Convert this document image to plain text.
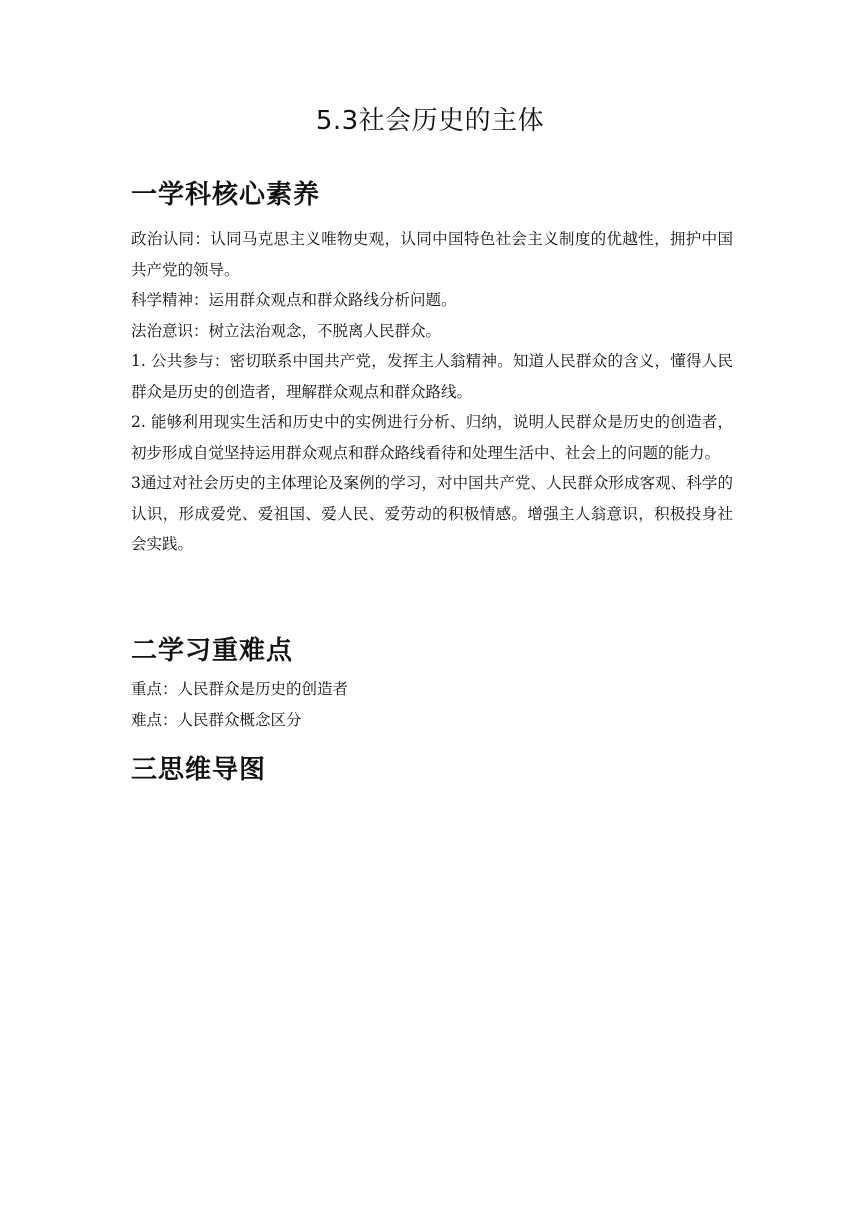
5.3社会历史的主体
一学科核心素养

政治认同：认同马克思主义唯物史观，认同中国特色社会主义制度的优越性，拥护中国共产党的领导。

科学精神：运用群众观点和群众路线分析问题。

法治意识：树立法治观念，不脱离人民群众。

1. 公共参与：密切联系中国共产党，发挥主人翁精神。知道人民群众的含义，懂得人民群众是历史的创造者，理解群众观点和群众路线。

2. 能够利用现实生活和历史中的实例进行分析、归纳，说明人民群众是历史的创造者，初步形成自觉坚持运用群众观点和群众路线看待和处理生活中、社会上的问题的能力。

3通过对社会历史的主体理论及案例的学习，对中国共产党、人民群众形成客观、科学的认识，形成爱党、爱祖国、爱人民、爱劳动的积极情感。增强主人翁意识，积极投身社会实践。

二学习重难点

重点：人民群众是历史的创造者

难点：人民群众概念区分

三思维导图
